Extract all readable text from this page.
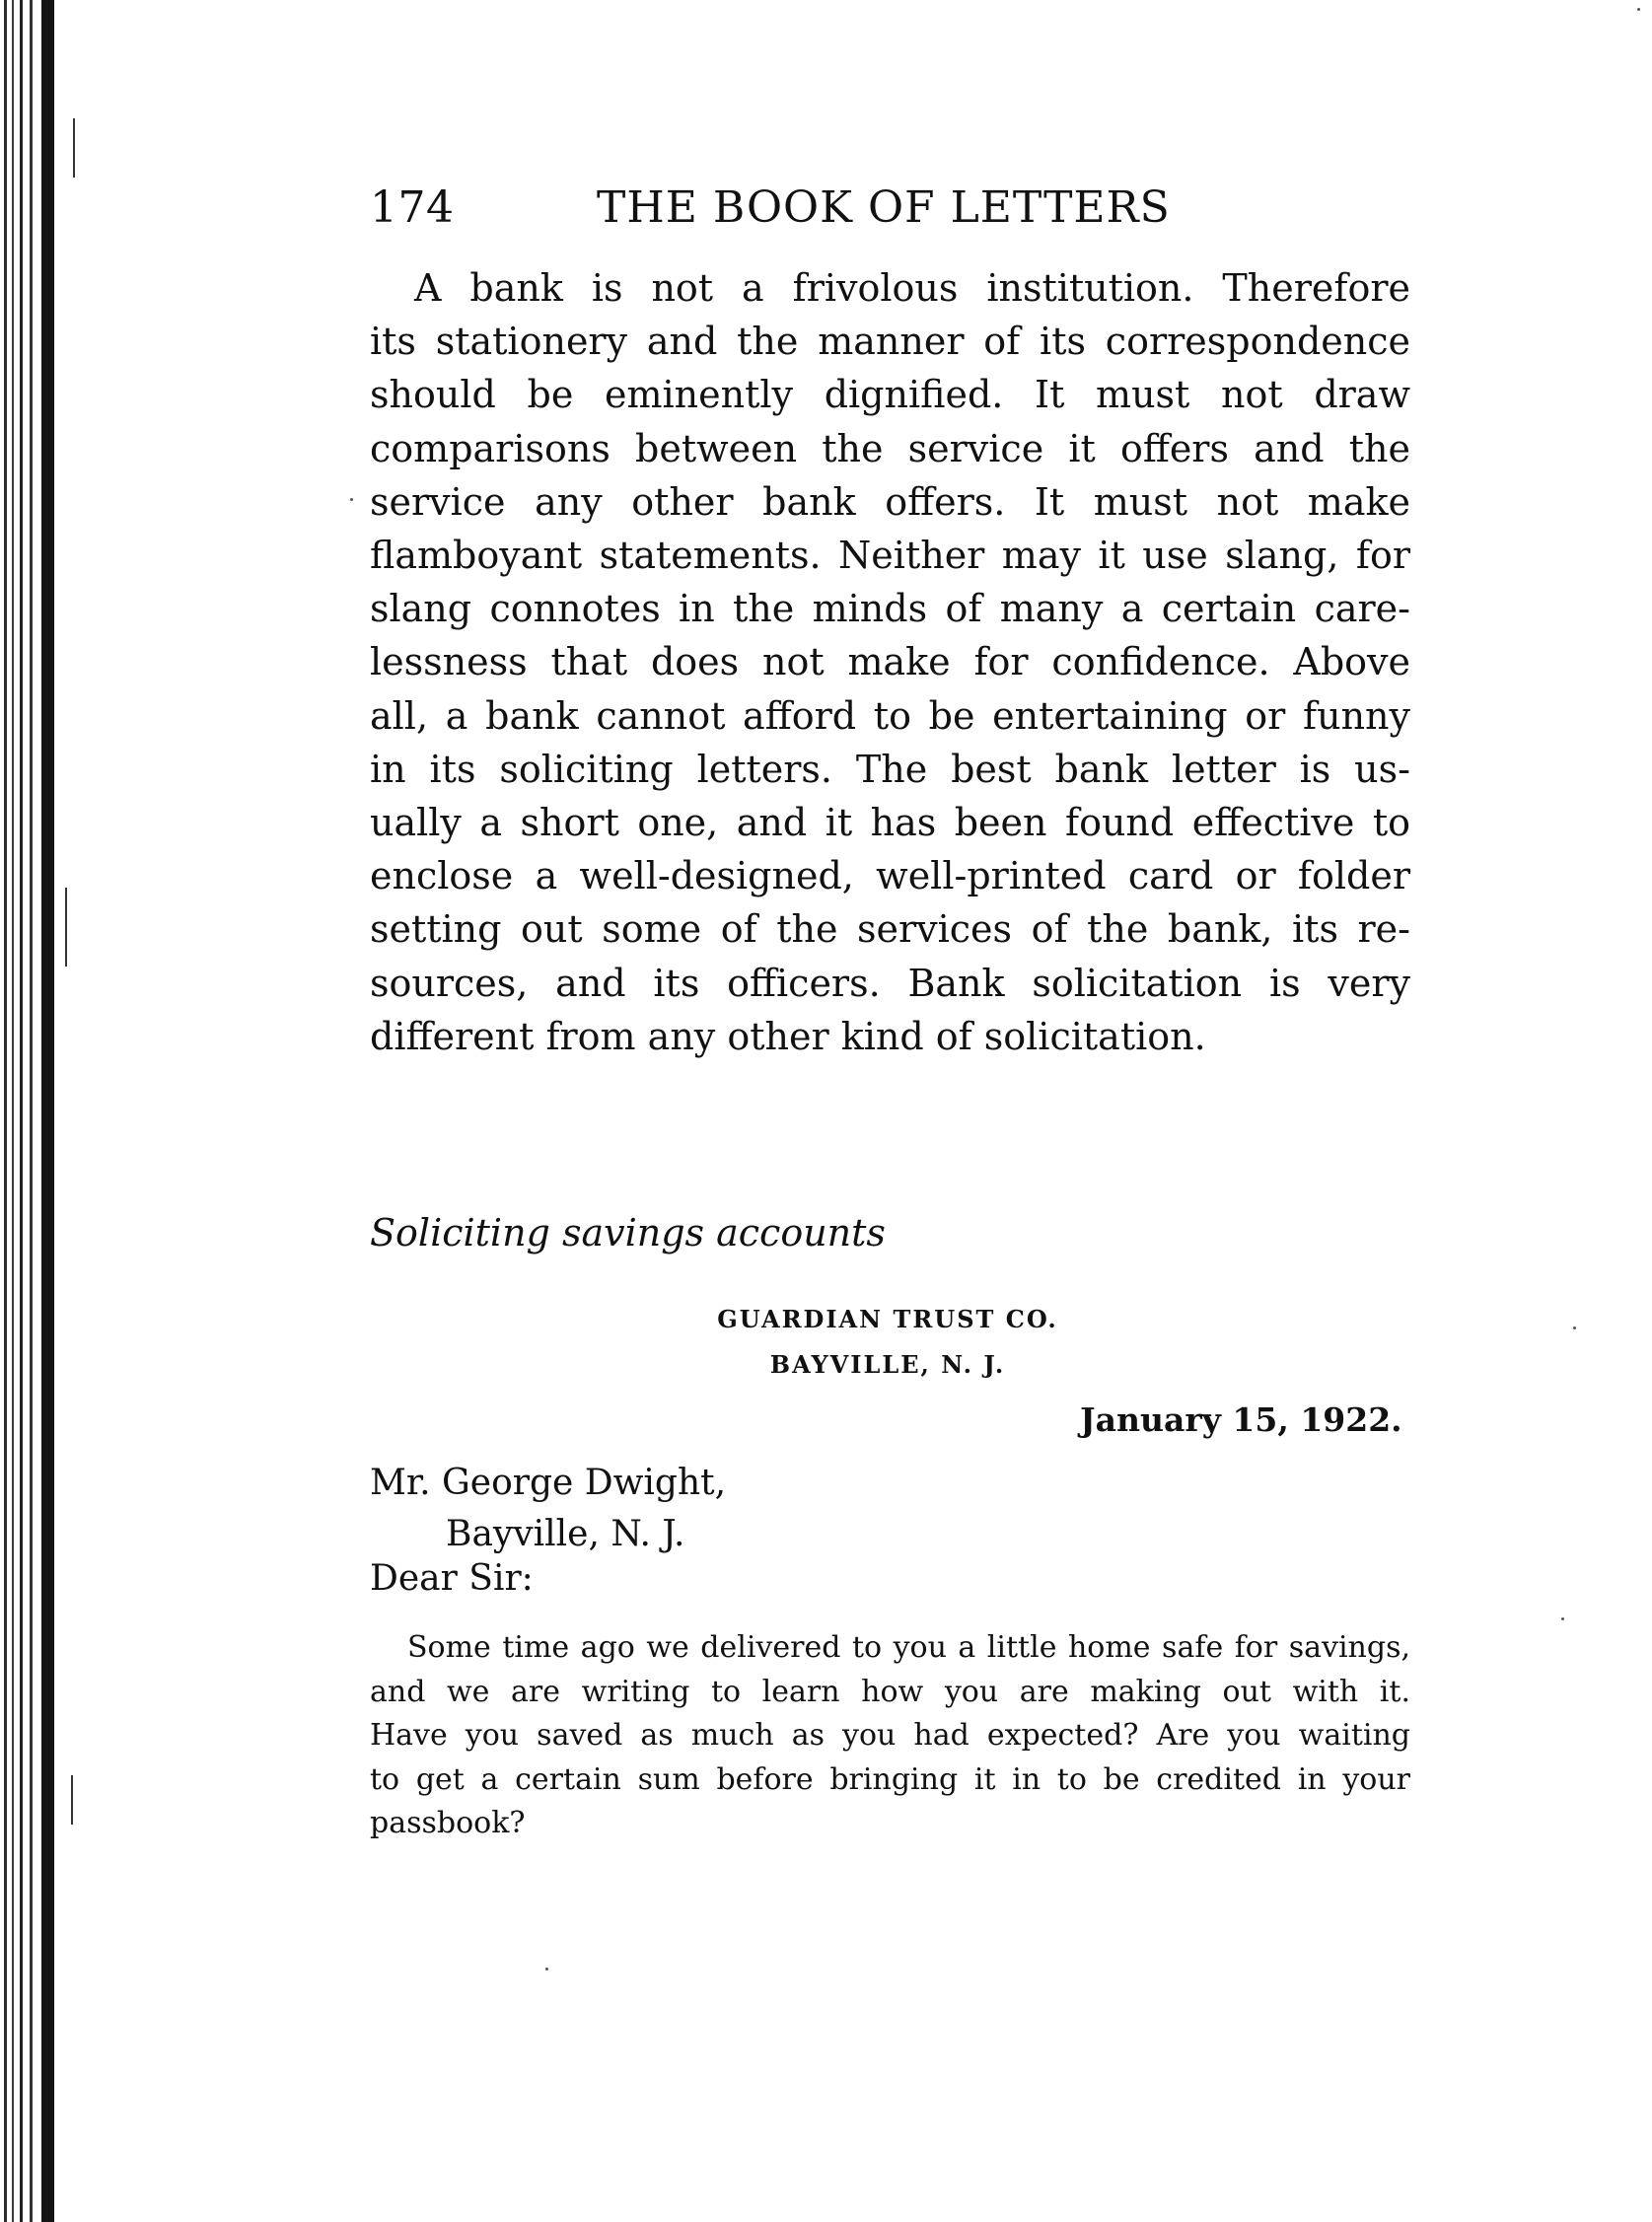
174	THE BOOK OF LETTERS
A bank is not a frivolous institution. Therefore
its stationery and the manner of its correspondence
should be eminently dignified. It must not draw
comparisons between the service it offers and the
service any other bank offers. It must not make
flamboyant statements. Neither may it use slang, for
slang connotes in the minds of many a certain care-
lessness that does not make for confidence. Above
all, a bank cannot afford to be entertaining or funny
in its soliciting letters. The best bank letter is us-
ually a short one, and it has been found effective to
enclose a well-designed, well-printed card or folder
setting out some of the services of the bank, its re-
sources, and its officers. Bank solicitation is very
different from any other kind of solicitation.
Soliciting savings accounts
GUARDIAN TRUST CO.
BAYVILLE, N. J.
January 15, 1922.
Mr. George Dwight,
Bayville, N. J.
Dear Sir:
Some time ago we delivered to you a little home safe for savings,
and we are writing to learn how you are making out with it.
Have you saved as much as you had expected? Are you waiting
to get a certain sum before bringing it in to be credited in your
passbook?
